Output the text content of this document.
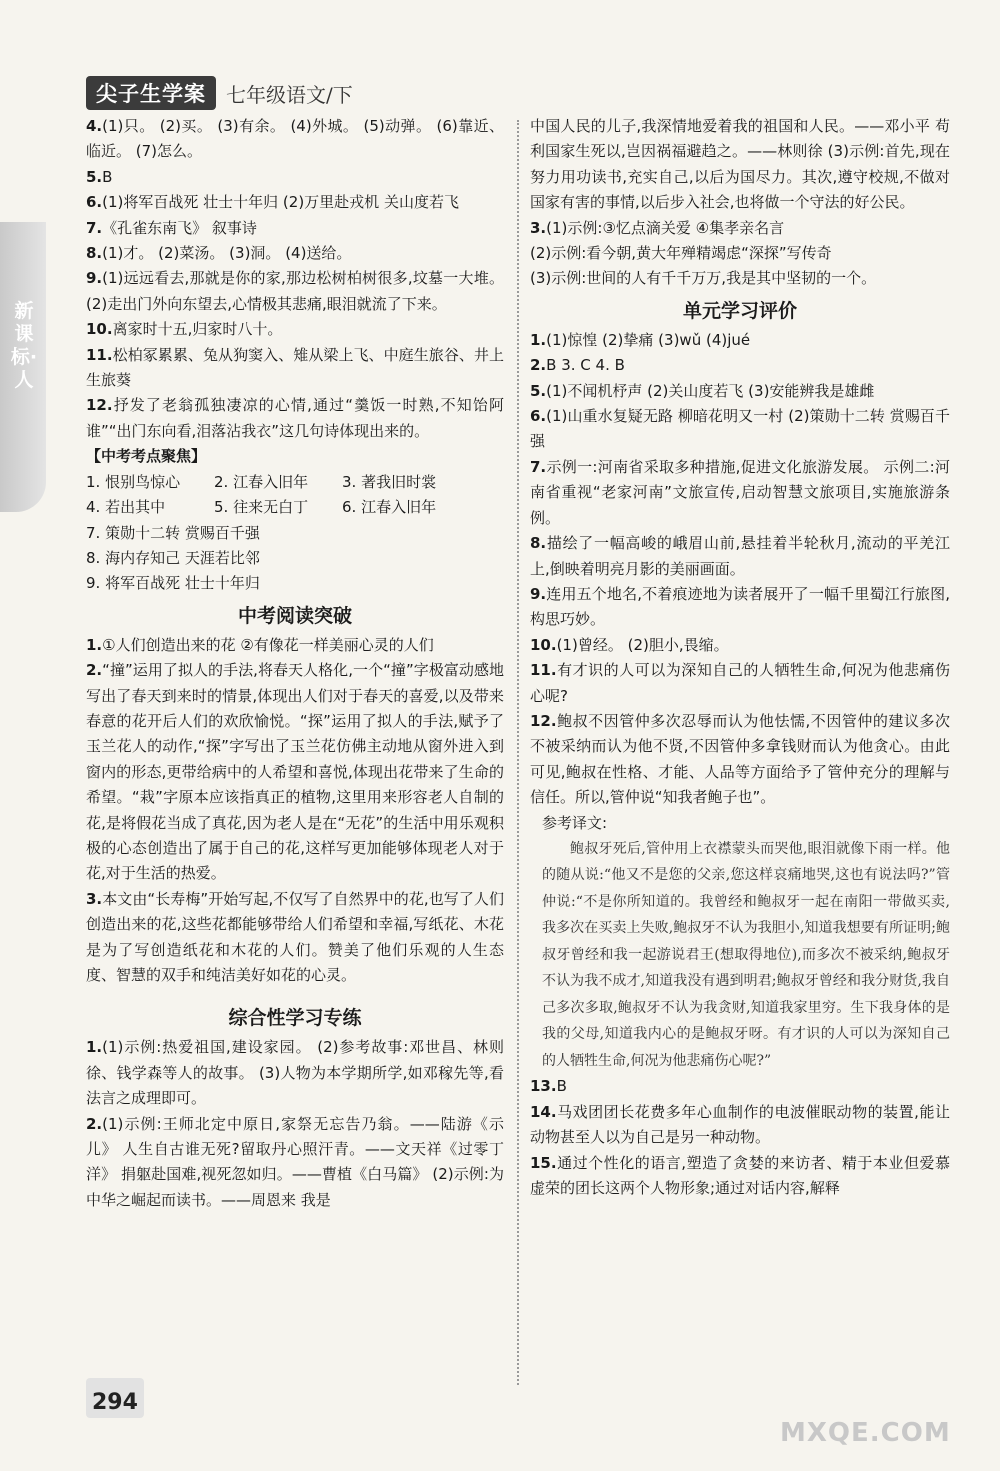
尖子生学案	七年级语文/下
新课标·人

4.(1)只。 (2)买。 (3)有余。 (4)外城。 (5)动弹。 (6)靠近、临近。 (7)怎么。

5.B

6.(1)将军百战死 壮士十年归 (2)万里赴戎机 关山度若飞

7.《孔雀东南飞》 叙事诗

8.(1)才。 (2)菜汤。 (3)洞。 (4)送给。

9.(1)远远看去,那就是你的家,那边松树柏树很多,坟墓一大堆。 (2)走出门外向东望去,心情极其悲痛,眼泪就流了下来。

10.离家时十五,归家时八十。

11.松柏冢累累、兔从狗窦入、雉从梁上飞、中庭生旅谷、井上生旅葵

12.抒发了老翁孤独凄凉的心情,通过“羹饭一时熟,不知饴阿谁”“出门东向看,泪落沾我衣”这几句诗体现出来的。

【中考考点聚焦】

1. 恨别鸟惊心	2. 江春入旧年	3. 著我旧时裳

4. 若出其中	5. 往来无白丁	6. 江春入旧年

7. 策勋十二转 赏赐百千强

8. 海内存知己 天涯若比邻

9. 将军百战死 壮士十年归

中考阅读突破

1.①人们创造出来的花 ②有像花一样美丽心灵的人们

2.“撞”运用了拟人的手法,将春天人格化,一个“撞”字极富动感地写出了春天到来时的情景,体现出人们对于春天的喜爱,以及带来春意的花开后人们的欢欣愉悦。“探”运用了拟人的手法,赋予了玉兰花人的动作,“探”字写出了玉兰花仿佛主动地从窗外进入到窗内的形态,更带给病中的人希望和喜悦,体现出花带来了生命的希望。“栽”字原本应该指真正的植物,这里用来形容老人自制的花,是将假花当成了真花,因为老人是在“无花”的生活中用乐观积极的心态创造出了属于自己的花,这样写更加能够体现老人对于花,对于生活的热爱。

3.本文由“长寿梅”开始写起,不仅写了自然界中的花,也写了人们创造出来的花,这些花都能够带给人们希望和幸福,写纸花、木花是为了写创造纸花和木花的人们。赞美了他们乐观的人生态度、智慧的双手和纯洁美好如花的心灵。

综合性学习专练

1.(1)示例:热爱祖国,建设家园。 (2)参考故事:邓世昌、林则徐、钱学森等人的故事。 (3)人物为本学期所学,如邓稼先等,看法言之成理即可。

2.(1)示例:王师北定中原日,家祭无忘告乃翁。——陆游《示儿》 人生自古谁无死?留取丹心照汗青。——文天祥《过零丁洋》 捐躯赴国难,视死忽如归。——曹植《白马篇》 (2)示例:为中华之崛起而读书。——周恩来 我是

中国人民的儿子,我深情地爱着我的祖国和人民。——邓小平 苟利国家生死以,岂因祸福避趋之。——林则徐 (3)示例:首先,现在努力用功读书,充实自己,以后为国尽力。其次,遵守校规,不做对国家有害的事情,以后步入社会,也将做一个守法的好公民。

3.(1)示例:③忆点滴关爱 ④集孝亲名言

(2)示例:看今朝,黄大年殚精竭虑“深探”写传奇

(3)示例:世间的人有千千万万,我是其中坚韧的一个。

单元学习评价

1.(1)惊惶 (2)挚痛 (3)wǔ (4)jué

2.B 3. C 4. B

5.(1)不闻机杼声 (2)关山度若飞 (3)安能辨我是雄雌

6.(1)山重水复疑无路 柳暗花明又一村 (2)策勋十二转 赏赐百千强

7.示例一:河南省采取多种措施,促进文化旅游发展。 示例二:河南省重视“老家河南”文旅宣传,启动智慧文旅项目,实施旅游条例。

8.描绘了一幅高峻的峨眉山前,悬挂着半轮秋月,流动的平羌江上,倒映着明亮月影的美丽画面。

9.连用五个地名,不着痕迹地为读者展开了一幅千里蜀江行旅图,构思巧妙。

10.(1)曾经。 (2)胆小,畏缩。

11.有才识的人可以为深知自己的人牺牲生命,何况为他悲痛伤心呢?

12.鲍叔不因管仲多次忍辱而认为他怯懦,不因管仲的建议多次不被采纳而认为他不贤,不因管仲多拿钱财而认为他贪心。由此可见,鲍叔在性格、才能、人品等方面给予了管仲充分的理解与信任。所以,管仲说“知我者鲍子也”。

参考译文:

鲍叔牙死后,管仲用上衣襟蒙头而哭他,眼泪就像下雨一样。他的随从说:“他又不是您的父亲,您这样哀痛地哭,这也有说法吗?”管仲说:“不是你所知道的。我曾经和鲍叔牙一起在南阳一带做买卖,我多次在买卖上失败,鲍叔牙不认为我胆小,知道我想要有所证明;鲍叔牙曾经和我一起游说君王(想取得地位),而多次不被采纳,鲍叔牙不认为我不成才,知道我没有遇到明君;鲍叔牙曾经和我分财货,我自己多次多取,鲍叔牙不认为我贪财,知道我家里穷。生下我身体的是我的父母,知道我内心的是鲍叔牙呀。有才识的人可以为深知自己的人牺牲生命,何况为他悲痛伤心呢?”

13.B

14.马戏团团长花费多年心血制作的电波催眠动物的装置,能让动物甚至人以为自己是另一种动物。

15.通过个性化的语言,塑造了贪婪的来访者、精于本业但爱慕虚荣的团长这两个人物形象;通过对话内容,解释

294
MXQE.COM
